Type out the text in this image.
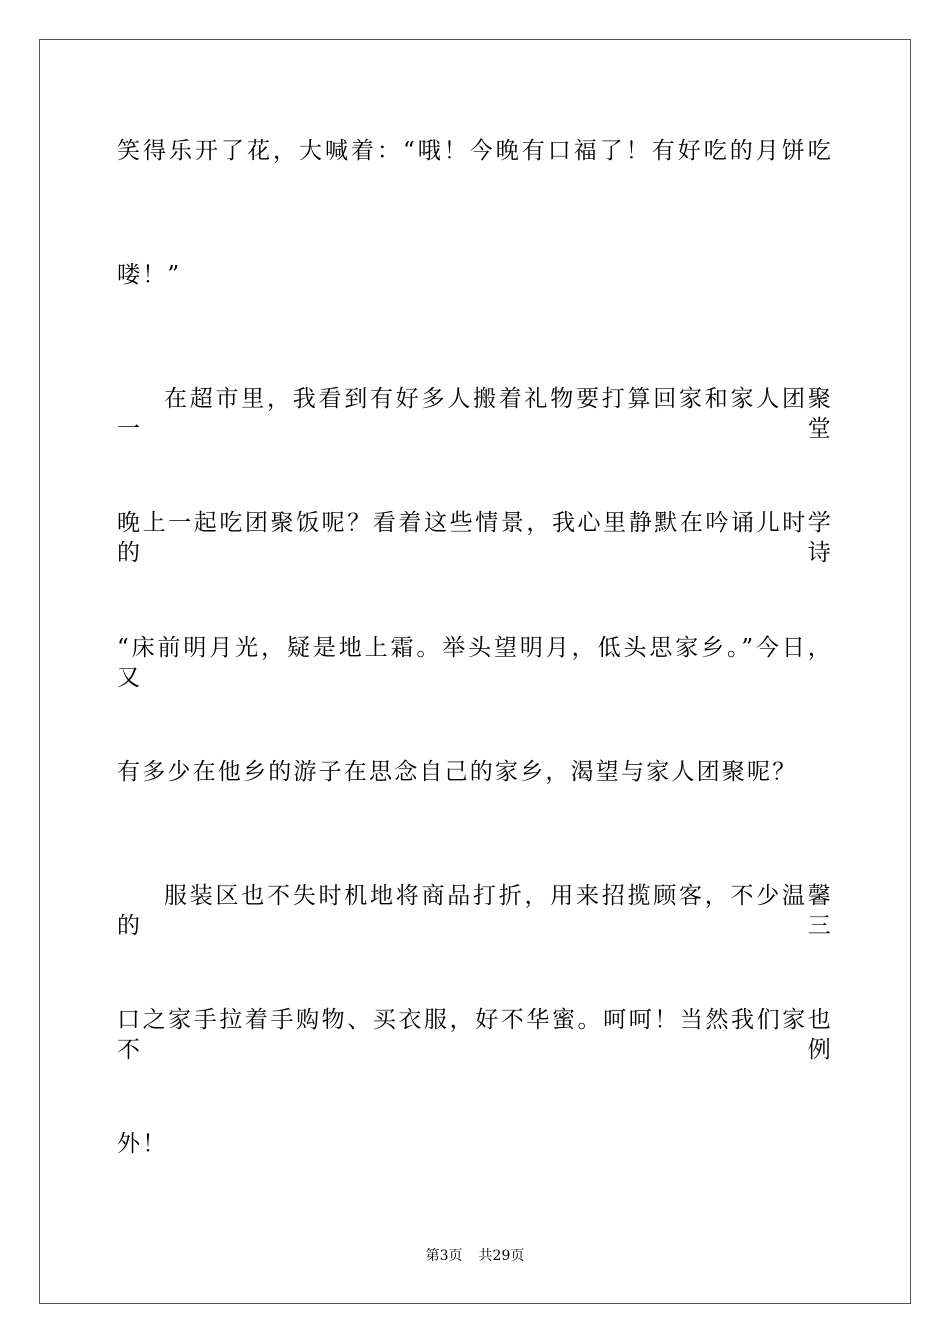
笑得乐开了花，大喊着：“哦！今晚有口福了！有好吃的月饼吃
喽！”
在超市里，我看到有好多人搬着礼物要打算回家和家人团聚一堂
晚上一起吃团聚饭呢？看着这些情景，我心里静默在吟诵儿时学的诗
“床前明月光，疑是地上霜。举头望明月，低头思家乡。”今日，又
有多少在他乡的游子在思念自己的家乡，渴望与家人团聚呢？
服装区也不失时机地将商品打折，用来招揽顾客，不少温馨的三
口之家手拉着手购物、买衣服，好不华蜜。呵呵！当然我们家也不例
外！
第3页 共29页
